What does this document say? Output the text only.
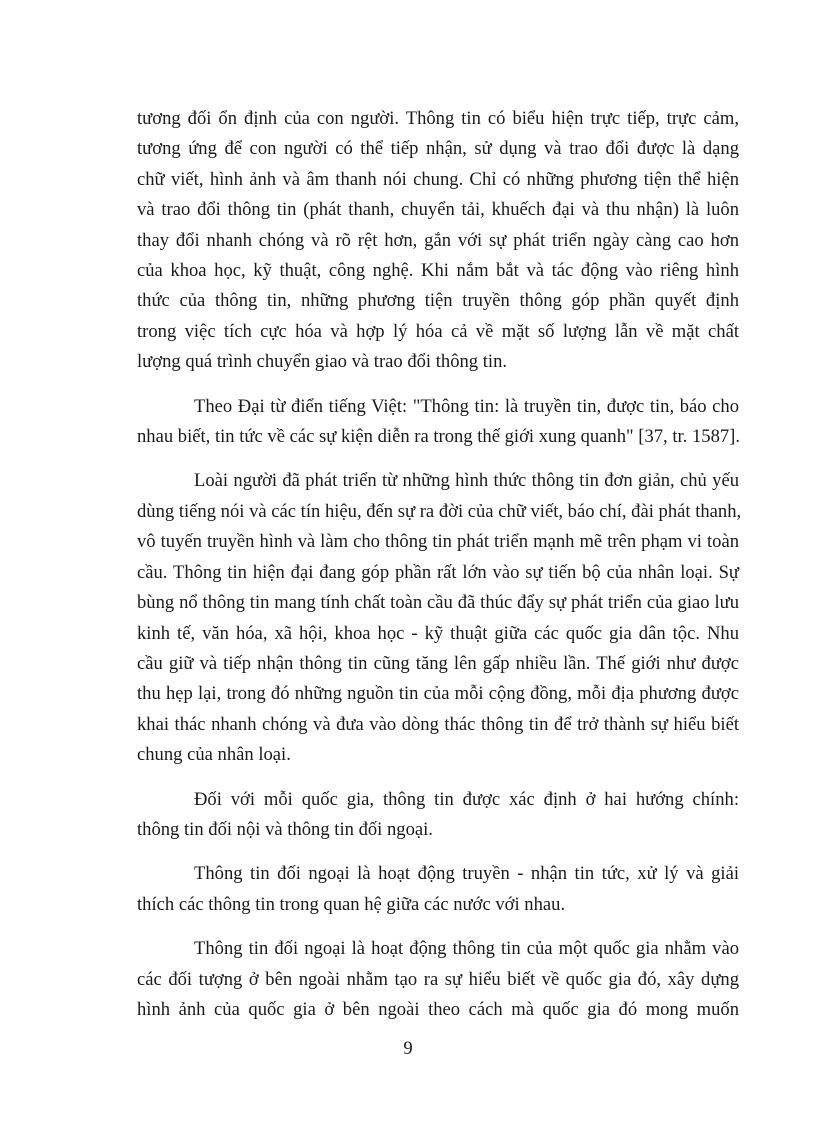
tương đối ổn định của con người. Thông tin có biểu hiện trực tiếp, trực cảm,
tương ứng để con người có thể tiếp nhận, sử dụng và trao đổi được là dạng
chữ viết, hình ảnh và âm thanh nói chung. Chỉ có những phương tiện thể hiện
và trao đổi thông tin (phát thanh, chuyển tải, khuếch đại và thu nhận) là luôn
thay đổi nhanh chóng và rõ rệt hơn, gắn với sự phát triển ngày càng cao hơn
của khoa học, kỹ thuật, công nghệ. Khi nắm bắt và tác động vào riêng hình
thức của thông tin, những phương tiện truyền thông góp phần quyết định
trong việc tích cực hóa và hợp lý hóa cả về mặt số lượng lẫn về mặt chất
lượng quá trình chuyển giao và trao đổi thông tin.

Theo Đại từ điển tiếng Việt: "Thông tin: là truyền tin, được tin, báo cho
nhau biết, tin tức về các sự kiện diễn ra trong thế giới xung quanh" [37, tr. 1587].

Loài người đã phát triển từ những hình thức thông tin đơn giản, chủ yếu
dùng tiếng nói và các tín hiệu, đến sự ra đời của chữ viết, báo chí, đài phát thanh,
vô tuyến truyền hình và làm cho thông tin phát triển mạnh mẽ trên phạm vi toàn
cầu. Thông tin hiện đại đang góp phần rất lớn vào sự tiến bộ của nhân loại. Sự
bùng nổ thông tin mang tính chất toàn cầu đã thúc đẩy sự phát triển của giao lưu
kinh tế, văn hóa, xã hội, khoa học - kỹ thuật giữa các quốc gia dân tộc. Nhu
cầu giữ và tiếp nhận thông tin cũng tăng lên gấp nhiều lần. Thế giới như được
thu hẹp lại, trong đó những nguồn tin của mỗi cộng đồng, mỗi địa phương được
khai thác nhanh chóng và đưa vào dòng thác thông tin để trở thành sự hiểu biết
chung của nhân loại.

Đối với mỗi quốc gia, thông tin được xác định ở hai hướng chính:
thông tin đối nội và thông tin đối ngoại.

Thông tin đối ngoại là hoạt động truyền - nhận tin tức, xử lý và giải
thích các thông tin trong quan hệ giữa các nước với nhau.

Thông tin đối ngoại là hoạt động thông tin của một quốc gia nhằm vào
các đối tượng ở bên ngoài nhằm tạo ra sự hiểu biết về quốc gia đó, xây dựng
hình ảnh của quốc gia ở bên ngoài theo cách mà quốc gia đó mong muốn

9
